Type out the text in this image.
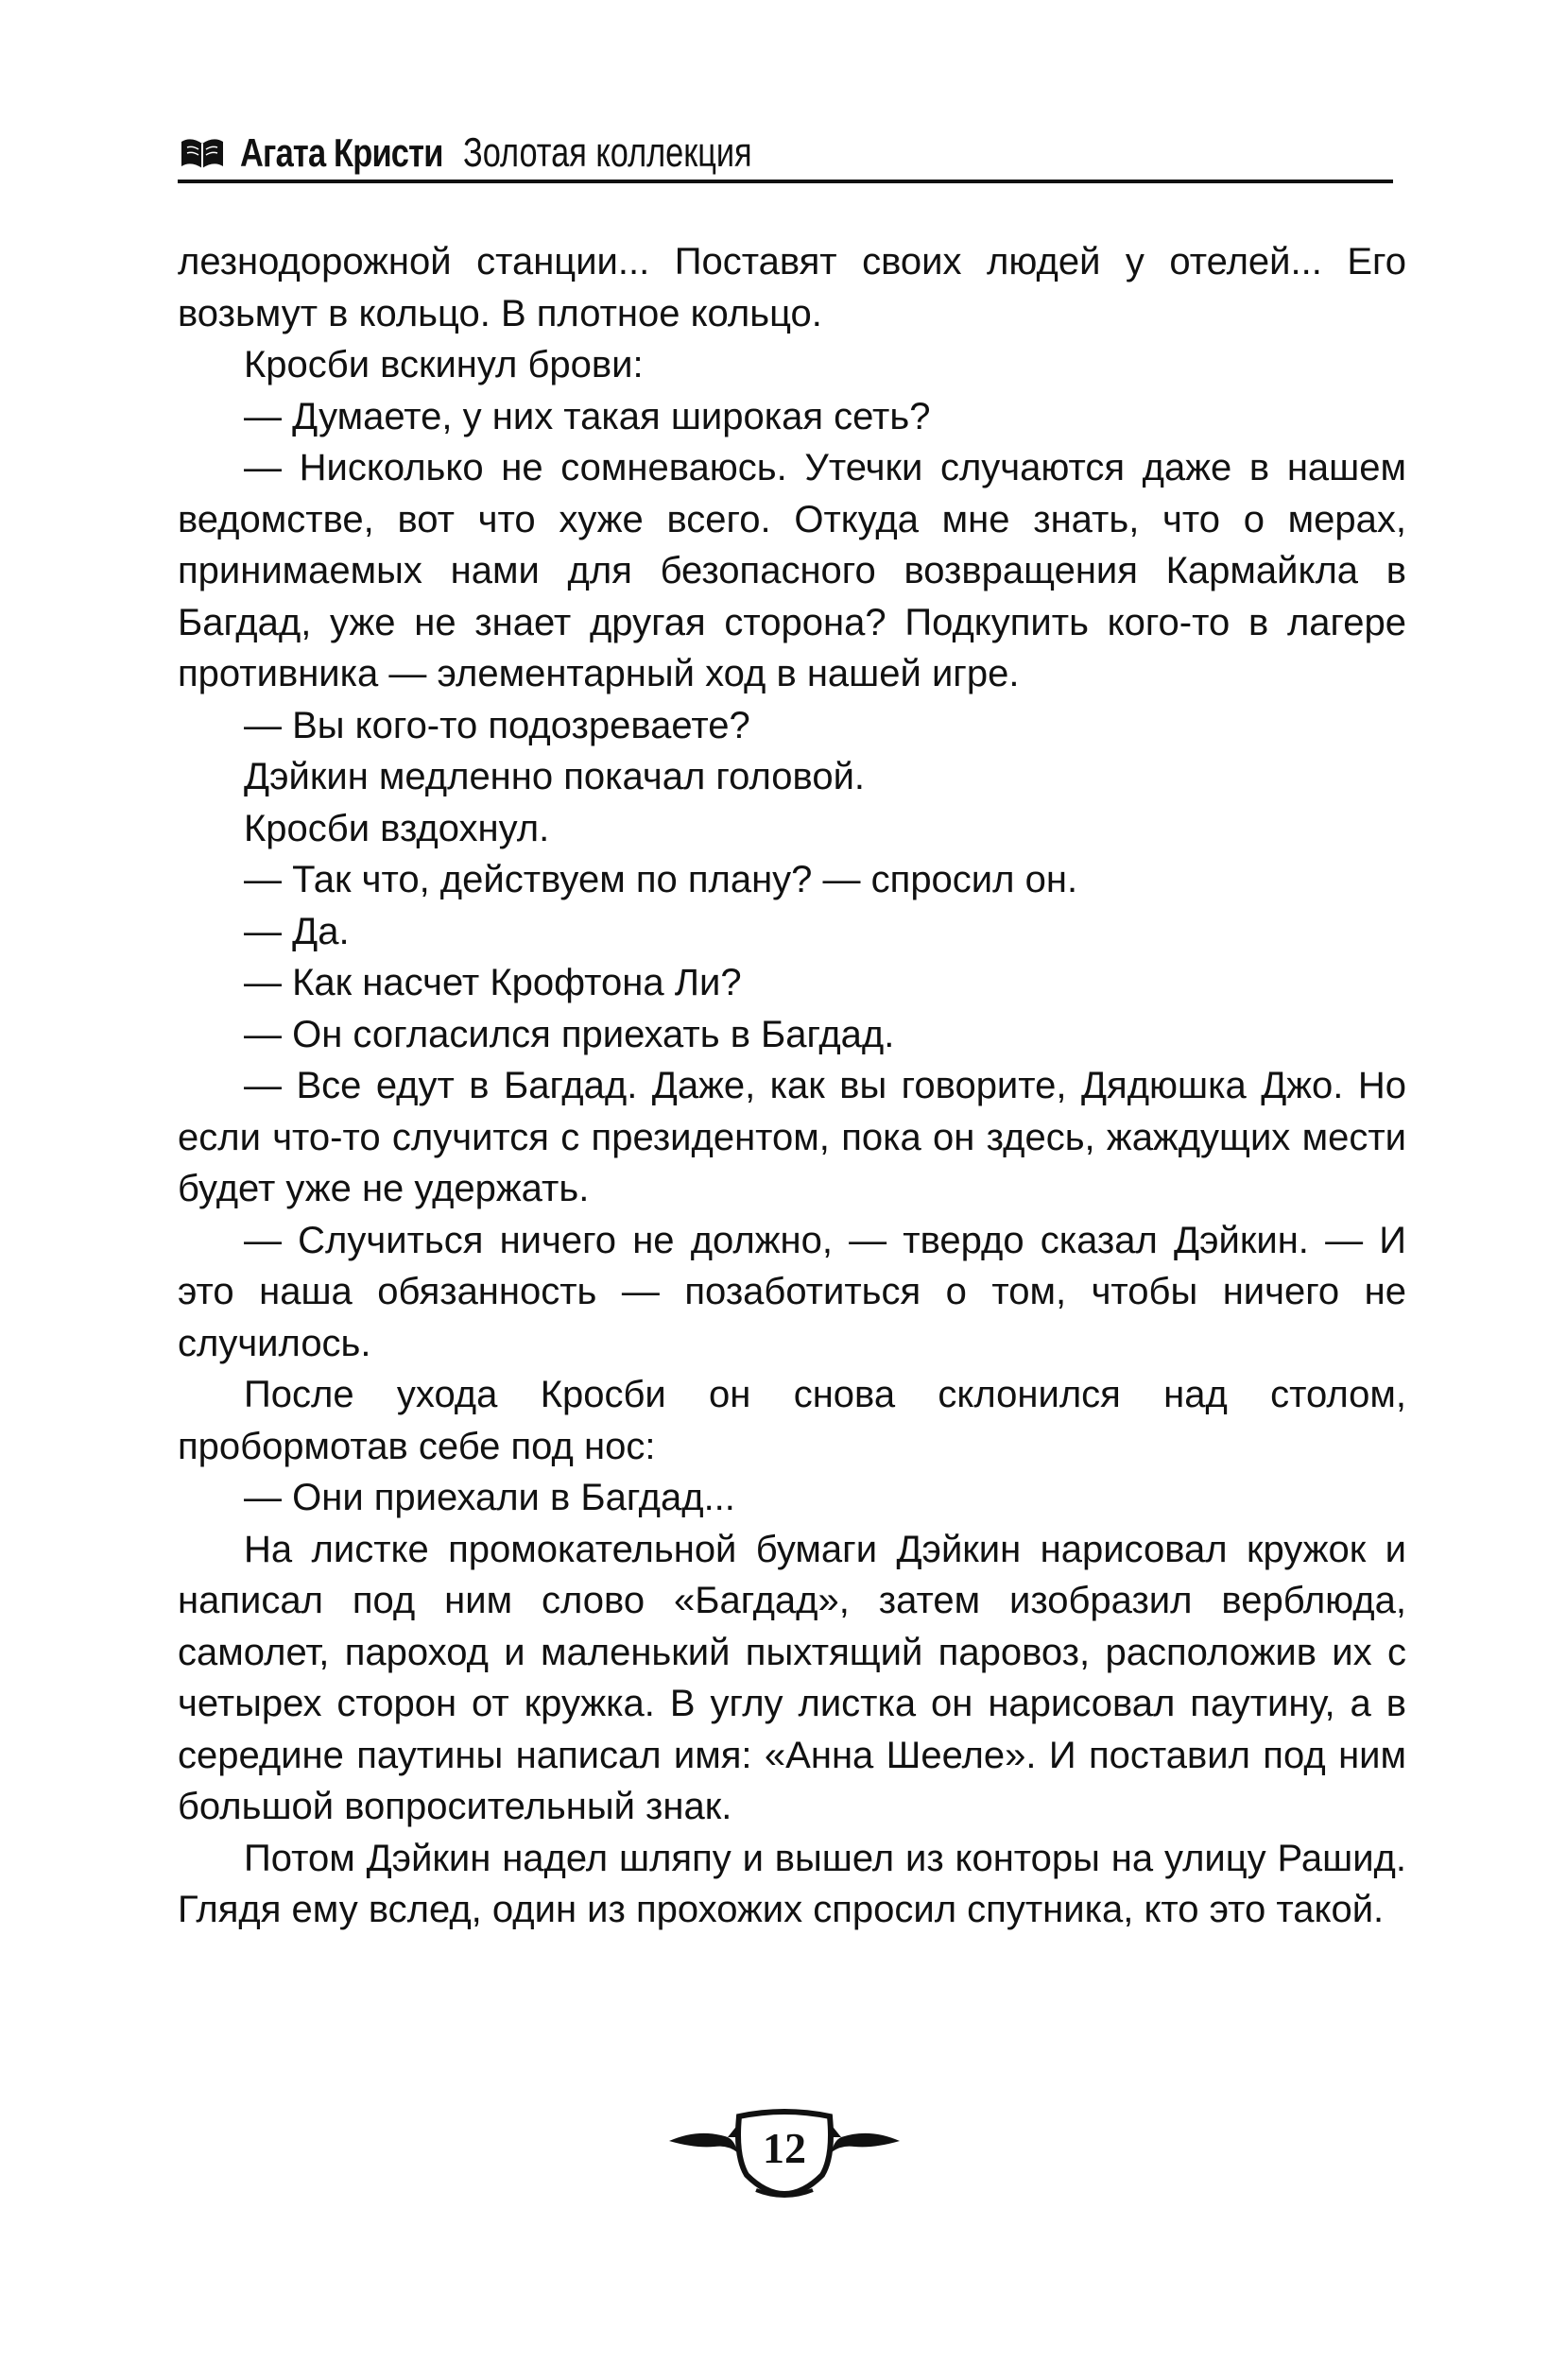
Агата Кристи Золотая коллекция

лезнодорожной станции... Поставят своих людей у отелей... Его возьмут в кольцо. В плотное кольцо.

Кросби вскинул брови:

— Думаете, у них такая широкая сеть?

— Нисколько не сомневаюсь. Утечки случаются даже в нашем ведомстве, вот что хуже всего. Откуда мне знать, что о мерах, принимаемых нами для безопасного возвращения Кармайкла в Багдад, уже не знает другая сторона? Подкупить кого-то в лагере противника — элементарный ход в нашей игре.

— Вы кого-то подозреваете?

Дэйкин медленно покачал головой.

Кросби вздохнул.

— Так что, действуем по плану? — спросил он.

— Да.

— Как насчет Крофтона Ли?

— Он согласился приехать в Багдад.

— Все едут в Багдад. Даже, как вы говорите, Дядюшка Джо. Но если что-то случится с президентом, пока он здесь, жаждущих мести будет уже не удержать.

— Случиться ничего не должно, — твердо сказал Дэйкин. — И это наша обязанность — позаботиться о том, чтобы ничего не случилось.

После ухода Кросби он снова склонился над столом, пробормотав себе под нос:

— Они приехали в Багдад...

На листке промокательной бумаги Дэйкин нарисовал кружок и написал под ним слово «Багдад», затем изобразил верблюда, самолет, пароход и маленький пыхтящий паровоз, расположив их с четырех сторон от кружка. В углу листка он нарисовал паутину, а в середине паутины написал имя: «Анна Шееле». И поставил под ним большой вопросительный знак.

Потом Дэйкин надел шляпу и вышел из конторы на улицу Рашид. Глядя ему вслед, один из прохожих спросил спутника, кто это такой.

12
